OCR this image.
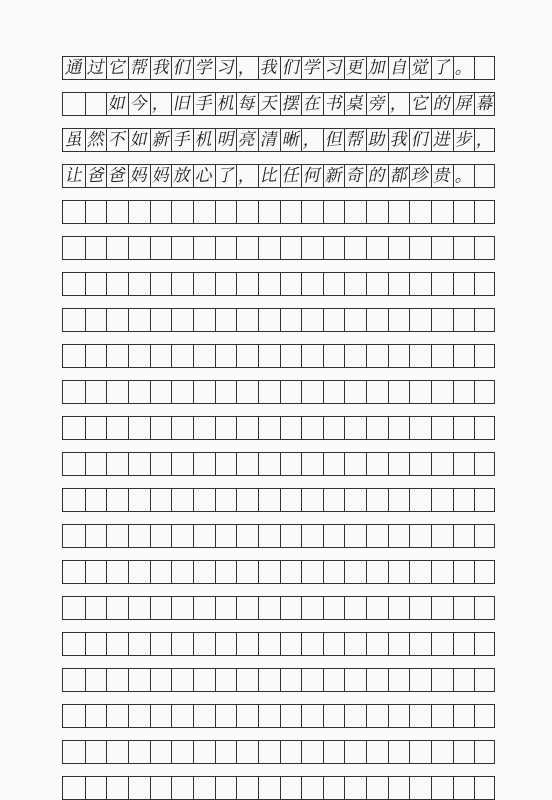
通 过 它 帮 我 们 学 习 ， 我 们 学 习 更 加 自 觉 了 。
如 今 ， 旧 手 机 每 天 摆 在 书 桌 旁 ， 它 的 屏 幕
虽 然 不 如 新 手 机 明 亮 清 晰 ， 但 帮 助 我 们 进 步 ，
让 爸 爸 妈 妈 放 心 了 ， 比 任 何 新 奇 的 都 珍 贵 。
